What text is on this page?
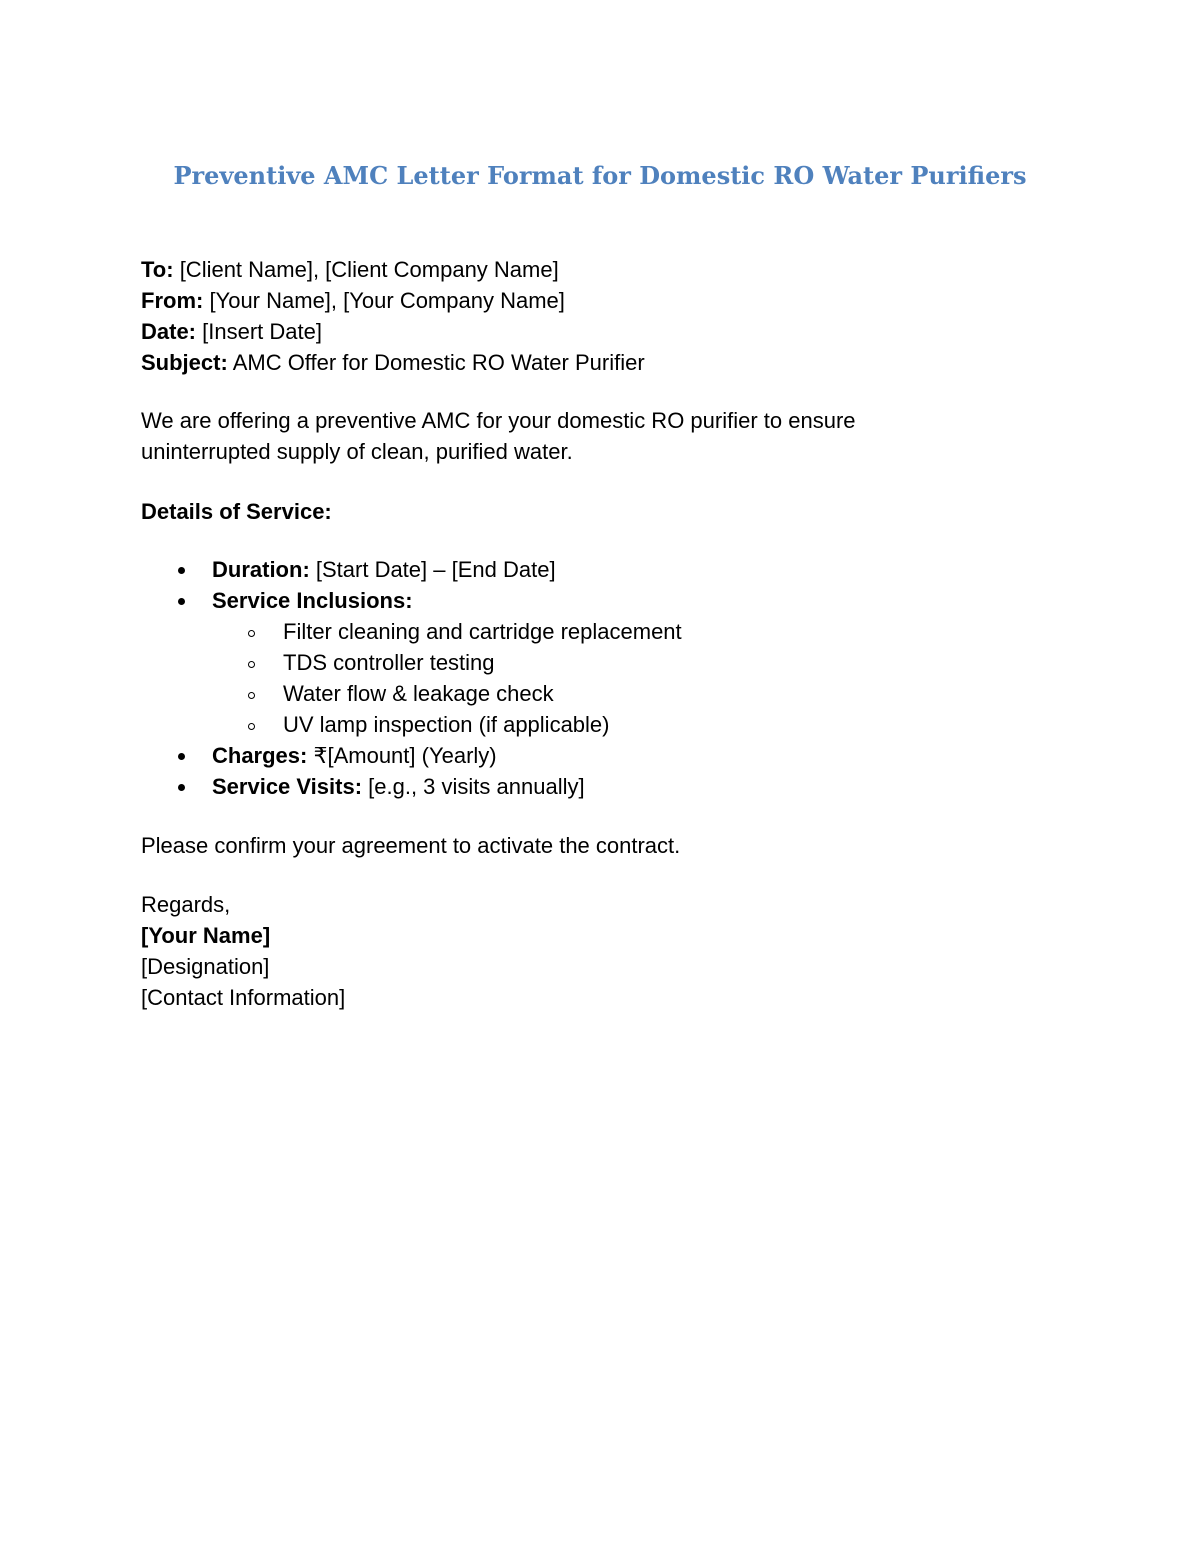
Preventive AMC Letter Format for Domestic RO Water Purifiers
To: [Client Name], [Client Company Name]
From: [Your Name], [Your Company Name]
Date: [Insert Date]
Subject: AMC Offer for Domestic RO Water Purifier
We are offering a preventive AMC for your domestic RO purifier to ensure
uninterrupted supply of clean, purified water.
Details of Service:
Duration: [Start Date] – [End Date]
Service Inclusions:
Filter cleaning and cartridge replacement
TDS controller testing
Water flow & leakage check
UV lamp inspection (if applicable)
Charges: ₹[Amount] (Yearly)
Service Visits: [e.g., 3 visits annually]
Please confirm your agreement to activate the contract.
Regards,
[Your Name]
[Designation]
[Contact Information]
